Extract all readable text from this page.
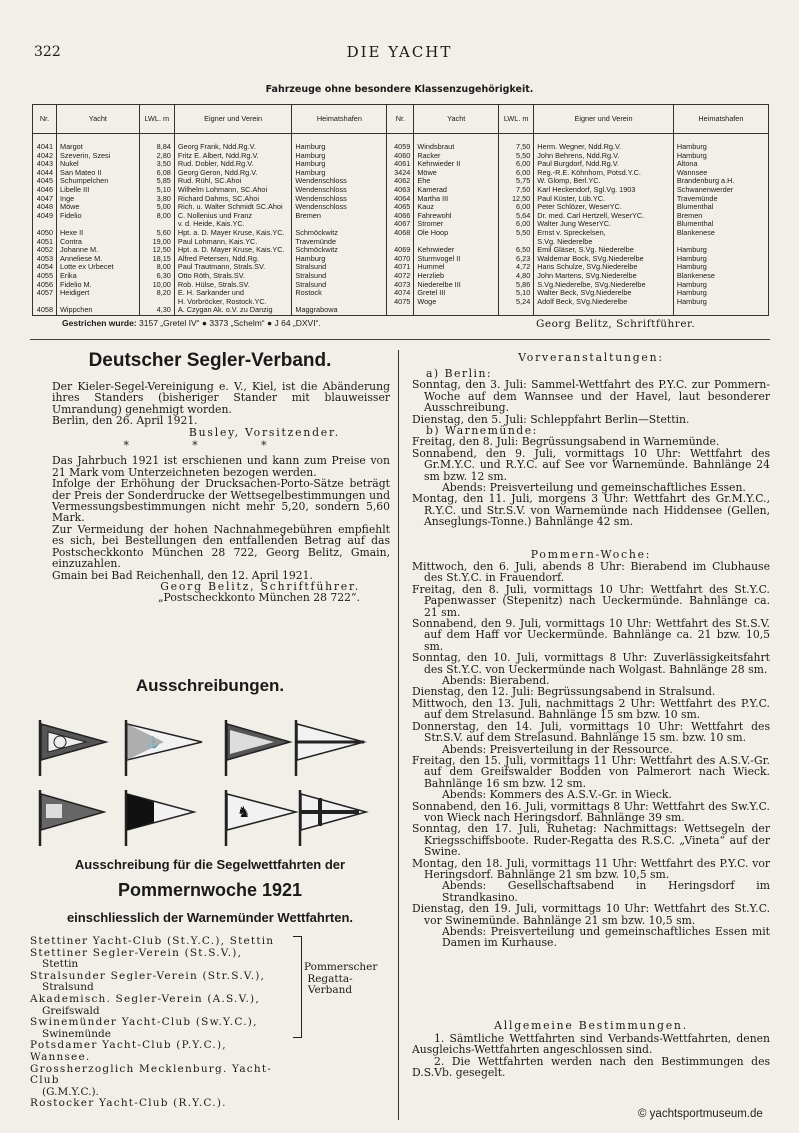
322	DIE YACHT
Fahrzeuge ohne besondere Klassenzugehörigkeit.
Nr.	Yacht	LWL. m	Eigner und Verein	Heimatshafen	Nr.	Yacht	LWL. m	Eigner und Verein	Heimatshafen
4041	Margot	8,84	Georg Frank, Ndd.Rg.V.	Hamburg	4059	Windsbraut	7,50	Herm. Wegner, Ndd.Rg.V.	Hamburg
4042	Szeverin, Szesi	2,80	Fritz E. Albert, Ndd.Rg.V.	Hamburg	4060	Racker	5,50	John Behrens, Ndd.Rg.V.	Hamburg
4043	Nukel	3,50	Rud. Dobler, Ndd.Rg.V.	Hamburg	4061	Kehrwieder II	6,00	Paul Burgdorf, Ndd.Rg.V.	Altona
4044	San Mateo II	6,08	Georg Geron, Ndd.Rg.V.	Hamburg	3424	Möwe	6,00	Reg.-R.E. Köhnhorn, Potsd.Y.C.	Wannsee
4045	Schumpelchen	5,85	Rud. Rühl, SC.Ahoi	Wendenschloss	4062	Ehe	5,75	W. Glomp, Berl.YC.	Brandenburg a.H.
4046	Libelle III	5,10	Wilhelm Lohmann, SC.Ahoi	Wendenschloss	4063	Kamerad	7,50	Karl Heckendorf, Sgl.Vg. 1903	Schwanenwerder
4047	Inge	3,80	Richard Dahms, SC.Ahoi	Wendenschloss	4064	Martha III	12,50	Paul Küster, Lüb.YC.	Travemünde
4048	Möwe	5,00	Rich. u. Walter Schmidt SC.Ahoi	Wendenschloss	4065	Kauz	6,00	Peter Schlözer, WeserYC.	Blumenthal
4049	Fidelio	8,00	C. Nollenius und Franz	Bremen	4066	Fahrewohl	5,64	Dr. med. Carl Hertzell, WeserYC.	Bremen
			v. d. Heide, Kais.YC.		4067	Stromer	6,00	Walter Jung WeserYC.	Blumenthal
4050	Hexe II	5,60	Hpt. a. D. Mayer Kruse, Kais.YC.	Schmöckwitz	4068	Ole Hoop	5,50	Ernst v. Spreckelsen,	Blankenese
4051	Contra	19,00	Paul Lohmann, Kais.YC.	Travemünde				S.Vg. Niederelbe	
4052	Johanne M.	12,50	Hpt. a. D. Mayer Kruse, Kais.YC.	Schmöckwitz	4069	Kehrwieder	6,50	Emil Gläser, S.Vg. Niederelbe	Hamburg
4053	Anneliese M.	18,15	Alfred Petersen, Ndd.Rg.	Hamburg	4070	Sturmvogel II	6,23	Waldemar Bock, SVg.Niederelbe	Hamburg
4054	Lotte ex Urbecet	8,00	Paul Trautmann, Strals.SV.	Stralsund	4071	Hummel	4,72	Hans Schulze, SVg.Niederelbe	Hamburg
4055	Erika	6,30	Otto Röth, Strals.SV.	Stralsund	4072	Herzlieb	4,80	John Martens, SVg.Niederelbe	Blankenese
4056	Fidelio M.	10,00	Rob. Hülse, Strals.SV.	Stralsund	4073	Niederelbe III	5,86	S.Vg.Niederelbe, SVg.Niederelbe	Hamburg
4057	Heidigert	8,20	E. H. Sarkander und	Rostock	4074	Gretel III	5,10	Walter Beck, SVg.Niederelbe	Hamburg
			H. Vorbröcker, Rostock.YC.		4075	Woge	5,24	Adolf Beck, SVg.Niederelbe	Hamburg
4058	Wippchen	4,30	A. Czygan Ak. o.V. zu Danzig	Maggrabowa					
Gestrichen wurde: 3157 „Gretel IV“ ● 3373 „Schelm“ ● J 64 „DXVI“.	Georg Belitz, Schriftführer.
Deutscher Segler-Verband.

Der Kieler-Segel-Vereinigung e. V., Kiel, ist die Abänderung ihres Standers (bisheriger Stander mit blauweisser Umrandung) genehmigt worden.

Berlin, den 26. April 1921.

Busley, Vorsitzender.

* * *

Das Jahrbuch 1921 ist erschienen und kann zum Preise von 21 Mark vom Unterzeichneten bezogen werden.

Infolge der Erhöhung der Drucksachen-Porto-Sätze beträgt der Preis der Sonderdrucke der Wettsegelbestimmungen und Vermessungsbestimmungen nicht mehr 5,20, sondern 5,60 Mark.

Zur Vermeidung der hohen Nachnahmegebühren empfiehlt es sich, bei Bestellungen den entfallenden Betrag auf das Postscheckkonto München 28 722, Georg Belitz, Gmain, einzuzahlen.

Gmain bei Bad Reichenhall, den 12. April 1921.

Georg Belitz, Schriftführer.

„Postscheckkonto München 28 722“.

Ausschreibungen.
⚓
♞
Ausschreibung für die Segelwettfahrten der
Pommernwoche 1921
einschliesslich der Warnemünder Wettfahrten.
Stettiner Yacht-Club (St.Y.C.), Stettin
Stettiner Segler-Verein (St.S.V.),
Stettin
Stralsunder Segler-Verein (Str.S.V.),
Stralsund
Akademisch. Segler-Verein (A.S.V.),
Greifswald
Swinemünder Yacht-Club (Sw.Y.C.),
Swinemünde
Potsdamer Yacht-Club (P.Y.C.), Wannsee.
Grossherzoglich Mecklenburg. Yacht-Club
(G.M.Y.C.).
Rostocker Yacht-Club (R.Y.C.).
Pommerscher Regatta-Verband
Vorveranstaltungen:

a) Berlin:

Sonntag, den 3. Juli: Sammel-Wettfahrt des P.Y.C. zur Pommern-Woche auf dem Wannsee und der Havel, laut besonderer Ausschreibung.

Dienstag, den 5. Juli: Schleppfahrt Berlin—Stettin.

b) Warnemünde:

Freitag, den 8. Juli: Begrüssungsabend in Warnemünde.

Sonnabend, den 9. Juli, vormittags 10 Uhr: Wettfahrt des Gr.M.Y.C. und R.Y.C. auf See vor Warnemünde. Bahnlänge 24 sm bzw. 12 sm.

Abends: Preisverteilung und gemeinschaftliches Essen.

Montag, den 11. Juli, morgens 3 Uhr: Wettfahrt des Gr.M.Y.C., R.Y.C. und Str.S.V. von Warnemünde nach Hiddensee (Gellen, Anseglungs-Tonne.) Bahnlänge 42 sm.

Pommern-Woche:

Mittwoch, den 6. Juli, abends 8 Uhr: Bierabend im Clubhause des St.Y.C. in Frauendorf.

Freitag, den 8. Juli, vormittags 10 Uhr: Wettfahrt des St.Y.C. Papenwasser (Stepenitz) nach Ueckermünde. Bahnlänge ca. 21 sm.

Sonnabend, den 9. Juli, vormittags 10 Uhr: Wettfahrt des St.S.V. auf dem Haff vor Ueckermünde. Bahnlänge ca. 21 bzw. 10,5 sm.

Sonntag, den 10. Juli, vormittags 8 Uhr: Zuverlässigkeitsfahrt des St.Y.C. von Ueckermünde nach Wolgast. Bahnlänge 28 sm.

Abends: Bierabend.

Dienstag, den 12. Juli: Begrüssungsabend in Stralsund.

Mittwoch, den 13. Juli, nachmittags 2 Uhr: Wettfahrt des P.Y.C. auf dem Strelasund. Bahnlänge 15 sm bzw. 10 sm.

Donnerstag, den 14. Juli, vormittags 10 Uhr: Wettfahrt des Str.S.V. auf dem Strelasund. Bahnlänge 15 sm. bzw. 10 sm.

Abends: Preisverteilung in der Ressource.

Freitag, den 15. Juli, vormittags 11 Uhr: Wettfahrt des A.S.V.-Gr. auf dem Greifswalder Bodden von Palmerort nach Wieck. Bahnlänge 16 sm bzw. 12 sm.

Abends: Kommers des A.S.V.-Gr. in Wieck.

Sonnabend, den 16. Juli, vormittags 8 Uhr: Wettfahrt des Sw.Y.C. von Wieck nach Heringsdorf. Bahnlänge 39 sm.

Sonntag, den 17. Juli, Ruhetag: Nachmittags: Wettsegeln der Kriegsschiffsboote. Ruder-Regatta des R.S.C. „Vineta“ auf der Swine.

Montag, den 18. Juli, vormittags 11 Uhr: Wettfahrt des P.Y.C. vor Heringsdorf. Bahnlänge 21 sm bzw. 10,5 sm.

Abends: Gesellschaftsabend in Heringsdorf im Strandkasino.

Dienstag, den 19. Juli, vormittags 10 Uhr: Wettfahrt des St.Y.C. vor Swinemünde. Bahnlänge 21 sm bzw. 10,5 sm.

Abends: Preisverteilung und gemeinschaftliches Essen mit Damen im Kurhause.

Allgemeine Bestimmungen.

1. Sämtliche Wettfahrten sind Verbands-Wettfahrten, denen Ausgleichs-Wettfahrten angeschlossen sind.

2. Die Wettfahrten werden nach den Bestimmungen des D.S.Vb. gesegelt.

© yachtsportmuseum.de
